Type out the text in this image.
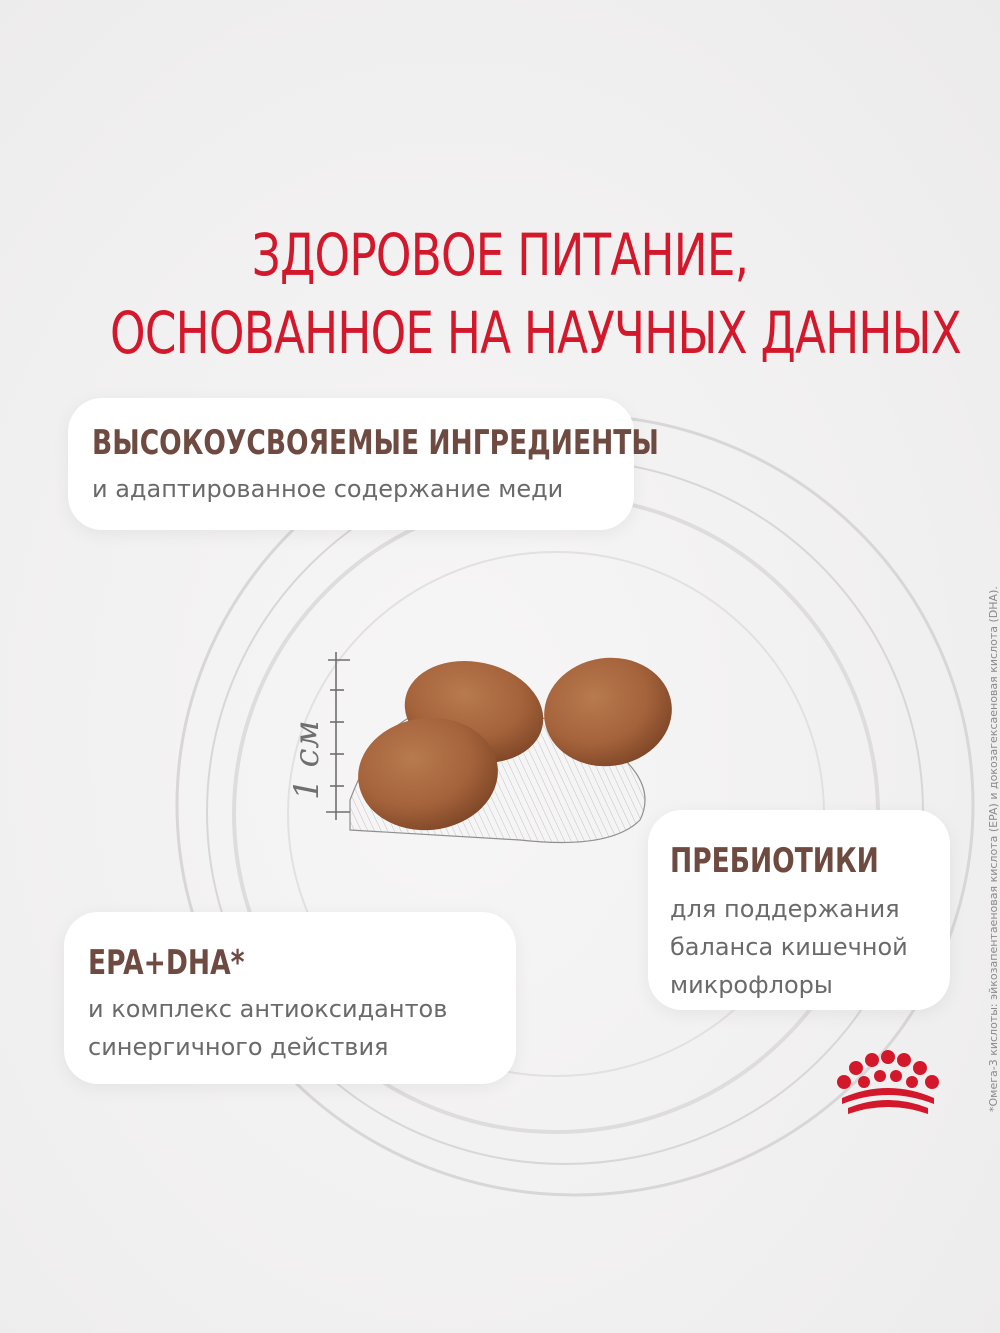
ЗДОРОВОЕ ПИТАНИЕ,
ОСНОВАННОЕ НА НАУЧНЫХ ДАННЫХ
1 см
ВЫСОКОУСВОЯЕМЫЕ ИНГРЕДИЕНТЫ
и адаптированное содержание меди
ПРЕБИОТИКИ
для поддержания
баланса кишечной
микрофлоры
EPA+DHA*
и комплекс антиоксидантов
синергичного действия	*Омега-3 кислоты: эйкозапентаеновая кислота (EPA) и докозагексаеновая кислота (DHA).
